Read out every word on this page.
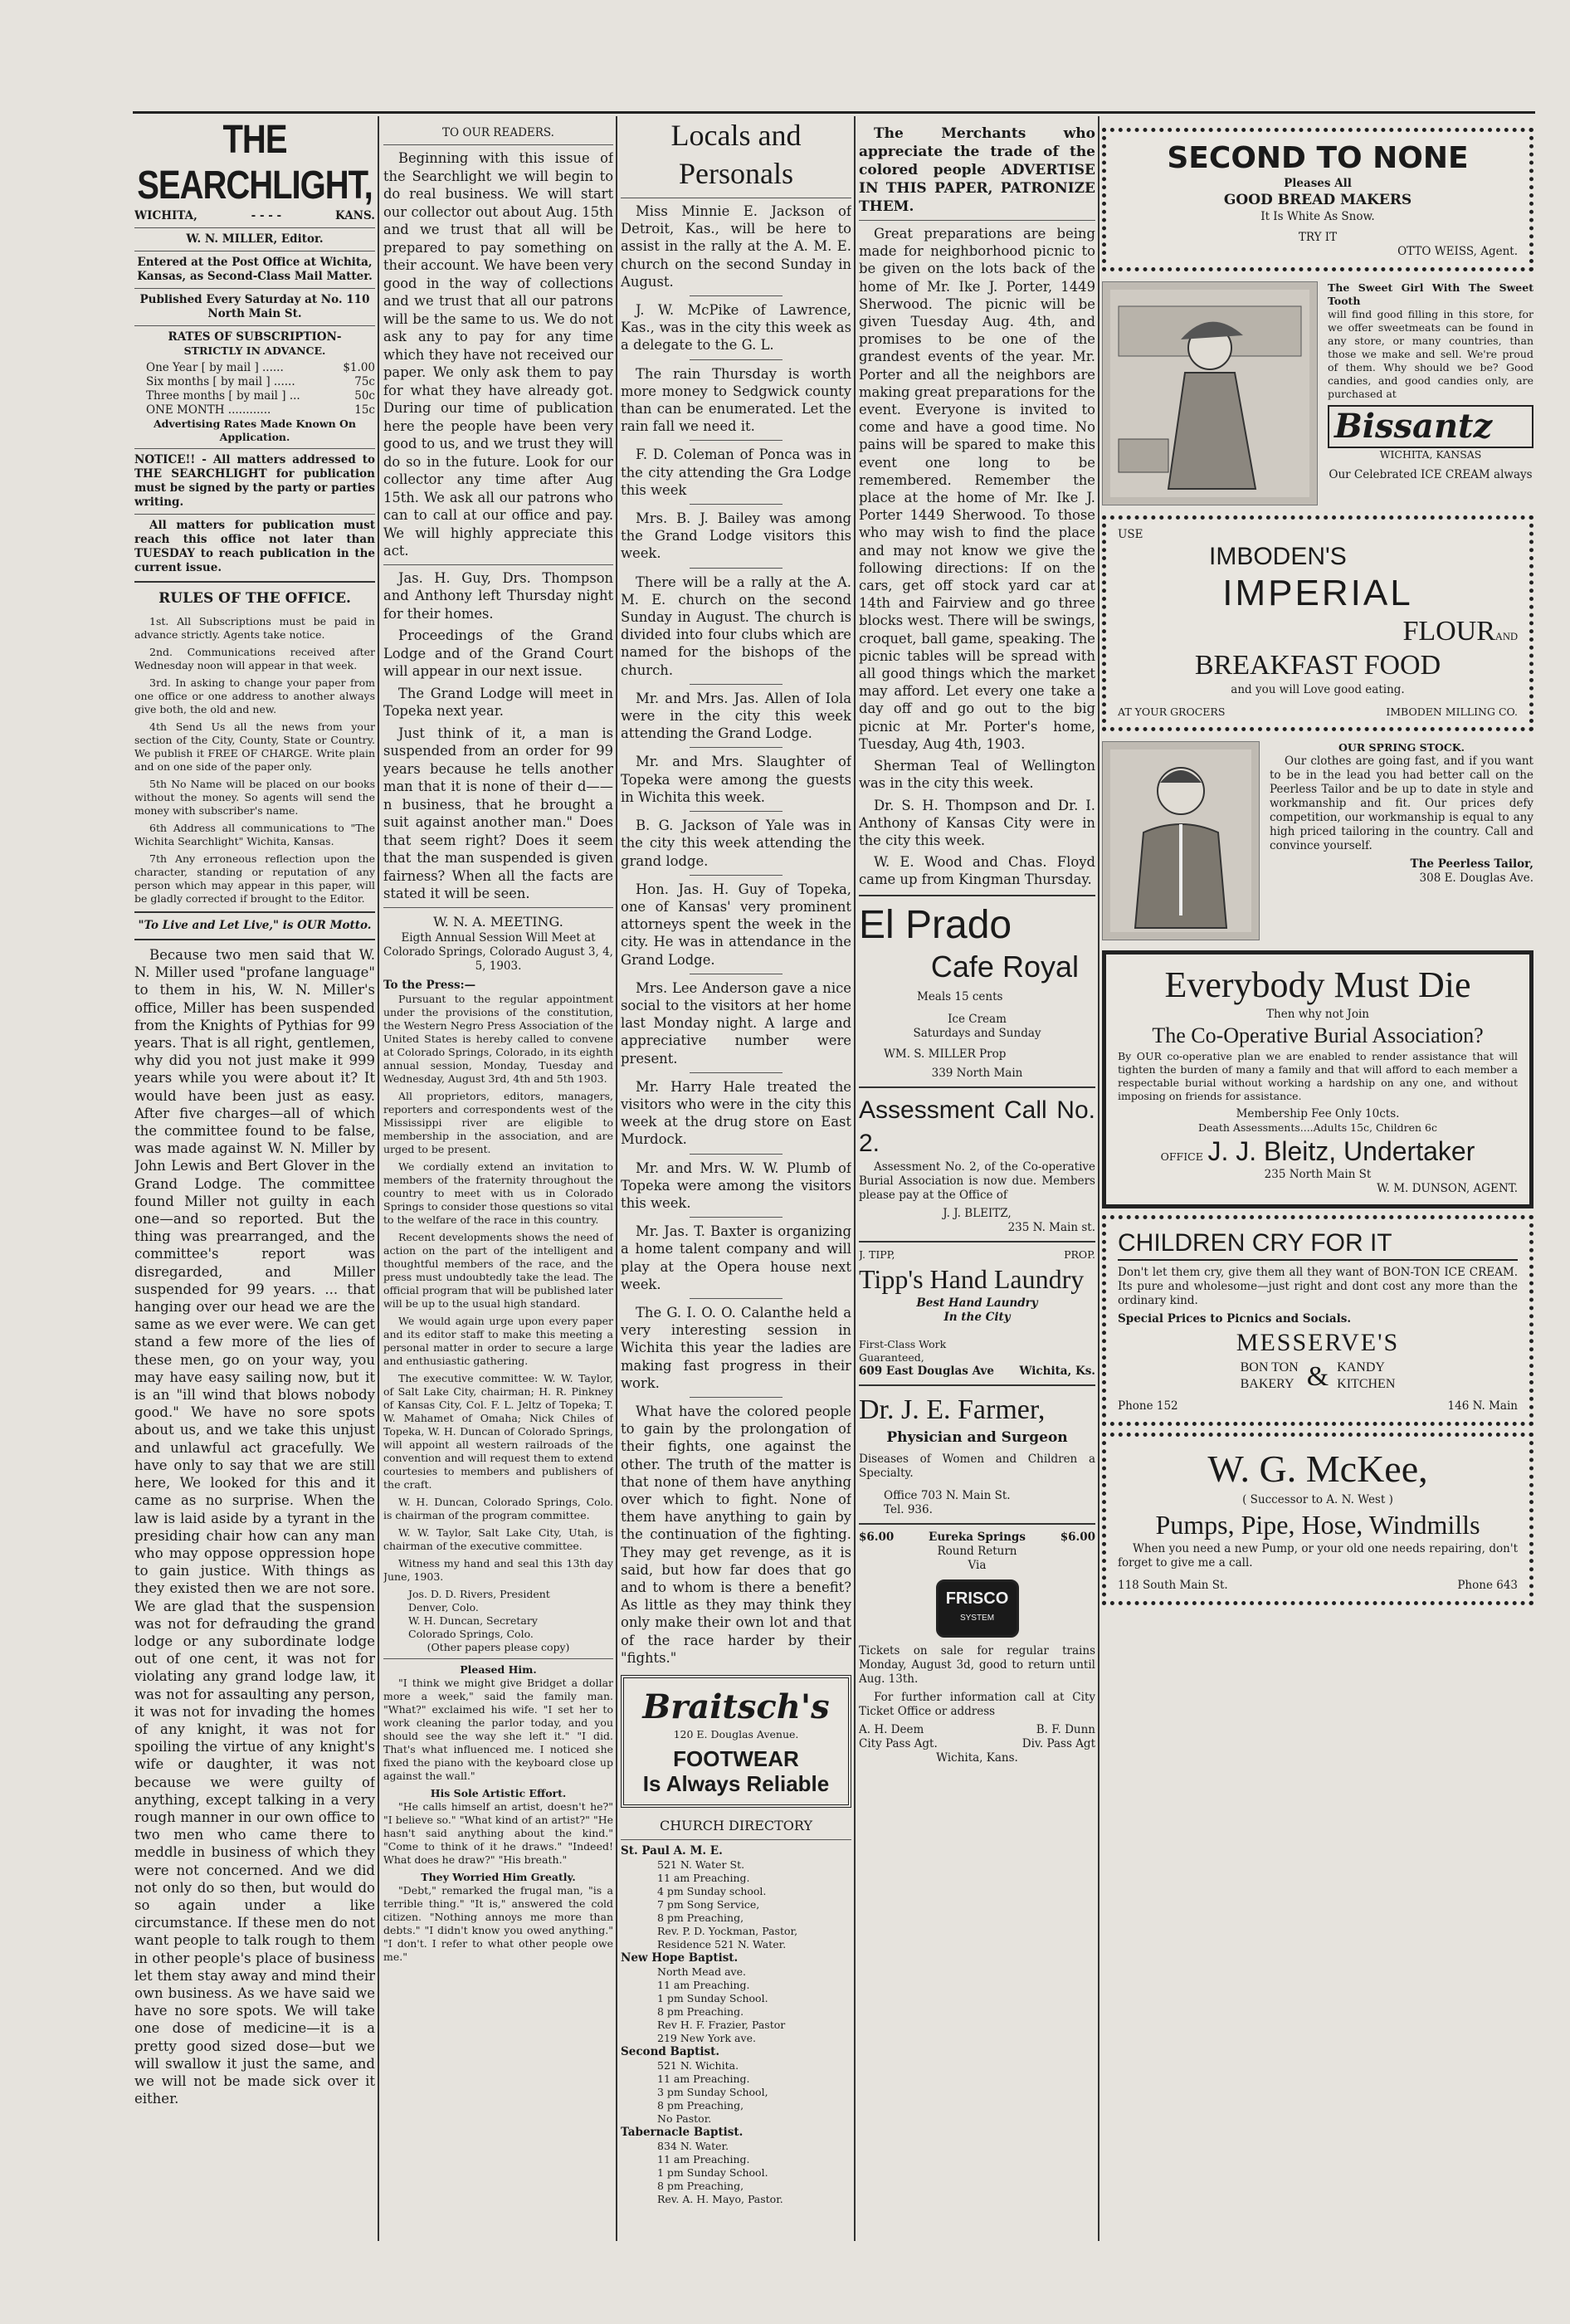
THE SEARCHLIGHT,
WICHITA,	- - - -	KANS.
W. N. MILLER, Editor.
Entered at the Post Office at Wichita, Kansas, as Second-Class Mail Matter.
Published Every Saturday at No. 110 North Main St.
RATES OF SUBSCRIPTION-
STRICTLY IN ADVANCE.
One Year [ by mail ] ......	$1.00
Six months [ by mail ] ......	75c
Three months [ by mail ] ...	50c
ONE MONTH ............	15c
Advertising Rates Made Known On Application.

NOTICE!! - All matters addressed to THE SEARCHLIGHT for publication must be signed by the party or parties writing.

All matters for publication must reach this office not later than TUESDAY to reach publication in the current issue.

RULES OF THE OFFICE.

1st. All Subscriptions must be paid in advance strictly. Agents take notice.

2nd. Communications received after Wednesday noon will appear in that week.

3rd. In asking to change your paper from one office or one address to another always give both, the old and new.

4th Send Us all the news from your section of the City, County, State or Country. We publish it FREE OF CHARGE. Write plain and on one side of the paper only.

5th No Name will be placed on our books without the money. So agents will send the money with subscriber's name.

6th Address all communications to "The Wichita Searchlight" Wichita, Kansas.

7th Any erroneous reflection upon the character, standing or reputation of any person which may appear in this paper, will be gladly corrected if brought to the Editor.

"To Live and Let Live," is OUR Motto.

Because two men said that W. N. Miller used "profane language" to them in his, W. N. Miller's office, Miller has been suspended from the Knights of Pythias for 99 years. That is all right, gentlemen, why did you not just make it 999 years while you were about it? It would have been just as easy. After five charges—all of which the committee found to be false, was made against W. N. Miller by John Lewis and Bert Glover in the Grand Lodge. The committee found Miller not guilty in each one—and so reported. But the thing was prearranged, and the committee's report was disregarded, and Miller suspended for 99 years. ... that hanging over our head we are the same as we ever were. We can get stand a few more of the lies of these men, go on your way, you may have easy sailing now, but it is an "ill wind that blows nobody good." We have no sore spots about us, and we take this unjust and unlawful act gracefully. We have only to say that we are still here, We looked for this and it came as no surprise. When the law is laid aside by a tyrant in the presiding chair how can any man who may oppose oppression hope to gain justice. With things as they existed then we are not sore. We are glad that the suspension was not for defrauding the grand lodge or any subordinate lodge out of one cent, it was not for violating any grand lodge law, it was not for assaulting any person, it was not for invading the homes of any knight, it was not for spoiling the virtue of any knight's wife or daughter, it was not because we were guilty of anything, except talking in a very rough manner in our own office to two men who came there to meddle in business of which they were not concerned. And we did not only do so then, but would do so again under a like circumstance. If these men do not want people to talk rough to them in other people's place of business let them stay away and mind their own business. As we have said we have no sore spots. We will take one dose of medicine—it is a pretty good sized dose—but we will swallow it just the same, and we will not be made sick over it either.

TO OUR READERS.

Beginning with this issue of the Searchlight we will begin to do real business. We will start our collector out about Aug. 15th and we trust that all will be prepared to pay something on their account. We have been very good in the way of collections and we trust that all our patrons will be the same to us. We do not ask any to pay for any time which they have not received our paper. We only ask them to pay for what they have already got. During our time of publication here the people have been very good to us, and we trust they will do so in the future. Look for our collector any time after Aug 15th. We ask all our patrons who can to call at our office and pay. We will highly appreciate this act.

Jas. H. Guy, Drs. Thompson and Anthony left Thursday night for their homes.

Proceedings of the Grand Lodge and of the Grand Court will appear in our next issue.

The Grand Lodge will meet in Topeka next year.

Just think of it, a man is suspended from an order for 99 years because he tells another man that it is none of their d——n business, that he brought a suit against another man." Does that seem right? Does it seem that the man suspended is given fairness? When all the facts are stated it will be seen.

W. N. A. MEETING.
Eigth Annual Session Will Meet at Colorado Springs, Colorado August 3, 4, 5, 1903.
To the Press:—

Pursuant to the regular appointment under the provisions of the constitution, the Western Negro Press Association of the United States is hereby called to convene at Colorado Springs, Colorado, in its eighth annual session, Monday, Tuesday and Wednesday, August 3rd, 4th and 5th 1903.

All proprietors, editors, managers, reporters and correspondents west of the Mississippi river are eligible to membership in the association, and are urged to be present.

We cordially extend an invitation to members of the fraternity throughout the country to meet with us in Colorado Springs to consider those questions so vital to the welfare of the race in this country.

Recent developments shows the need of action on the part of the intelligent and thoughtful members of the race, and the press must undoubtedly take the lead. The official program that will be published later will be up to the usual high standard.

We would again urge upon every paper and its editor staff to make this meeting a personal matter in order to secure a large and enthusiastic gathering.

The executive committee: W. W. Taylor, of Salt Lake City, chairman; H. R. Pinkney of Kansas City, Col. F. L. Jeltz of Topeka; T. W. Mahamet of Omaha; Nick Chiles of Topeka, W. H. Duncan of Colorado Springs, will appoint all western railroads of the convention and will request them to extend courtesies to members and publishers of the craft.

W. H. Duncan, Colorado Springs, Colo. is chairman of the program committee.

W. W. Taylor, Salt Lake City, Utah, is chairman of the executive committee.

Witness my hand and seal this 13th day June, 1903.

Jos. D. D. Rivers, President
Denver, Colo.
W. H. Duncan, Secretary
Colorado Springs, Colo.
(Other papers please copy)
Pleased Him.

"I think we might give Bridget a dollar more a week," said the family man. "What?" exclaimed his wife. "I set her to work cleaning the parlor today, and you should see the way she left it." "I did. That's what influenced me. I noticed she fixed the piano with the keyboard close up against the wall."

His Sole Artistic Effort.

"He calls himself an artist, doesn't he?" "I believe so." "What kind of an artist?" "He hasn't said anything about the kind." "Come to think of it he draws." "Indeed! What does he draw?" "His breath."

They Worried Him Greatly.

"Debt," remarked the frugal man, "is a terrible thing." "It is," answered the cold citizen. "Nothing annoys me more than debts." "I didn't know you owed anything." "I don't. I refer to what other people owe me."

Locals and Personals

Miss Minnie E. Jackson of Detroit, Kas., will be here to assist in the rally at the A. M. E. church on the second Sunday in August.

J. W. McPike of Lawrence, Kas., was in the city this week as a delegate to the G. L.

The rain Thursday is worth more money to Sedgwick county than can be enumerated. Let the rain fall we need it.

F. D. Coleman of Ponca was in the city attending the Gra Lodge this week

Mrs. B. J. Bailey was among the Grand Lodge visitors this week.

There will be a rally at the A. M. E. church on the second Sunday in August. The church is divided into four clubs which are named for the bishops of the church.

Mr. and Mrs. Jas. Allen of Iola were in the city this week attending the Grand Lodge.

Mr. and Mrs. Slaughter of Topeka were among the guests in Wichita this week.

B. G. Jackson of Yale was in the city this week attending the grand lodge.

Hon. Jas. H. Guy of Topeka, one of Kansas' very prominent attorneys spent the week in the city. He was in attendance in the Grand Lodge.

Mrs. Lee Anderson gave a nice social to the visitors at her home last Monday night. A large and appreciative number were present.

Mr. Harry Hale treated the visitors who were in the city this week at the drug store on East Murdock.

Mr. and Mrs. W. W. Plumb of Topeka were among the visitors this week.

Mr. Jas. T. Baxter is organizing a home talent company and will play at the Opera house next week.

The G. I. O. O. Calanthe held a very interesting session in Wichita this year the ladies are making fast progress in their work.

What have the colored people to gain by the prolongation of their fights, one against the other. The truth of the matter is that none of them have anything over which to fight. None of them have anything to gain by the continuation of the fighting. They may get revenge, as it is said, but how far does that go and to whom is there a benefit? As little as they may think they only make their own lot and that of the race harder by their "fights."

Braitsch's
120 E. Douglas Avenue.
FOOTWEAR
Is Always Reliable
CHURCH DIRECTORY
St. Paul A. M. E.
521 N. Water St.
11 am Preaching.
4 pm Sunday school.
7 pm Song Service,
8 pm Preaching,
Rev. P. D. Yockman, Pastor,
Residence 521 N. Water.
New Hope Baptist.
North Mead ave.
11 am Preaching.
1 pm Sunday School.
8 pm Preaching.
Rev H. F. Frazier, Pastor
219 New York ave.
Second Baptist.
521 N. Wichita.
11 am Preaching.
3 pm Sunday School,
8 pm Preaching,
No Pastor.
Tabernacle Baptist.
834 N. Water.
11 am Preaching.
1 pm Sunday School.
8 pm Preaching,
Rev. A. H. Mayo, Pastor.

The Merchants who appreciate the trade of the colored people ADVERTISE IN THIS PAPER, PATRONIZE THEM.

Great preparations are being made for neighborhood picnic to be given on the lots back of the home of Mr. Ike J. Porter, 1449 Sherwood. The picnic will be given Tuesday Aug. 4th, and promises to be one of the grandest events of the year. Mr. Porter and all the neighbors are making great preparations for the event. Everyone is invited to come and have a good time. No pains will be spared to make this event one long to be remembered. Remember the place at the home of Mr. Ike J. Porter 1449 Sherwood. To those who may wish to find the place and may not know we give the following directions: If on the cars, get off stock yard car at 14th and Fairview and go three blocks west. There will be swings, croquet, ball game, speaking. The picnic tables will be spread with all good things which the market may afford. Let every one take a day off and go out to the big picnic at Mr. Porter's home, Tuesday, Aug 4th, 1903.

Sherman Teal of Wellington was in the city this week.

Dr. S. H. Thompson and Dr. I. Anthony of Kansas City were in the city this week.

W. E. Wood and Chas. Floyd came up from Kingman Thursday.

El Prado
Cafe Royal
Meals 15 cents
Ice Cream
Saturdays and Sunday
WM. S. MILLER Prop
339 North Main
Assessment Call No. 2.

Assessment No. 2, of the Co-operative Burial Association is now due. Members please pay at the Office of

J. J. BLEITZ,
235 N. Main st.
J. TIPP,	PROP.
Tipp's Hand Laundry
Best Hand Laundry
In the City
First-Class Work
Guaranteed,
609 East Douglas Ave Wichita, Ks.
Dr. J. E. Farmer,
Physician and Surgeon
Diseases of Women and Children a Specialty.
Office 703 N. Main St.
Tel. 936.
$6.00	Eureka Springs	$6.00
Round Return
Via
FRISCO
SYSTEM

Tickets on sale for regular trains Monday, August 3d, good to return until Aug. 13th.

For further information call at City Ticket Office or address

A. H. Deem	B. F. Dunn
City Pass Agt.	Div. Pass Agt
Wichita, Kans.
SECOND TO NONE
Pleases All
GOOD BREAD MAKERS
It Is White As Snow.
TRY IT
OTTO WEISS, Agent.
The Sweet Girl With The Sweet Tooth

will find good filling in this store, for we offer sweetmeats can be found in any store, or many countries, than those we make and sell. We're proud of them. Why should we be? Good candies, and good candies only, are purchased at

Bissantz
WICHITA, KANSAS
Our Celebrated ICE CREAM always
USE
IMBODEN'S
IMPERIAL
FLOURAND
BREAKFAST FOOD
and you will Love good eating.
AT YOUR GROCERS	IMBODEN MILLING CO.
OUR SPRING STOCK.

Our clothes are going fast, and if you want to be in the lead you had better call on the Peerless Tailor and be up to date in style and workmanship and fit. Our prices defy competition, our workmanship is equal to any high priced tailoring in the country. Call and convince yourself.

The Peerless Tailor,
308 E. Douglas Ave.
Everybody Must Die
Then why not Join
The Co-Operative Burial Association?

By OUR co-operative plan we are enabled to render assistance that will tighten the burden of many a family and that will afford to each member a respectable burial without working a hardship on any one, and without imposing on friends for assistance.

Membership Fee Only 10cts.
Death Assessments....Adults 15c, Children 6c
OFFICE J. J. Bleitz, Undertaker
235 North Main St
W. M. DUNSON, AGENT.
CHILDREN CRY FOR IT

Don't let them cry, give them all they want of BON-TON ICE CREAM. Its pure and wholesome—just right and dont cost any more than the ordinary kind.

Special Prices to Picnics and Socials.
MESSERVE'S
BON TON
BAKERY & KANDY
KITCHEN
Phone 152	146 N. Main
W. G. McKee,
( Successor to A. N. West )
Pumps, Pipe, Hose, Windmills

When you need a new Pump, or your old one needs repairing, don't forget to give me a call.

118 South Main St.	Phone 643
